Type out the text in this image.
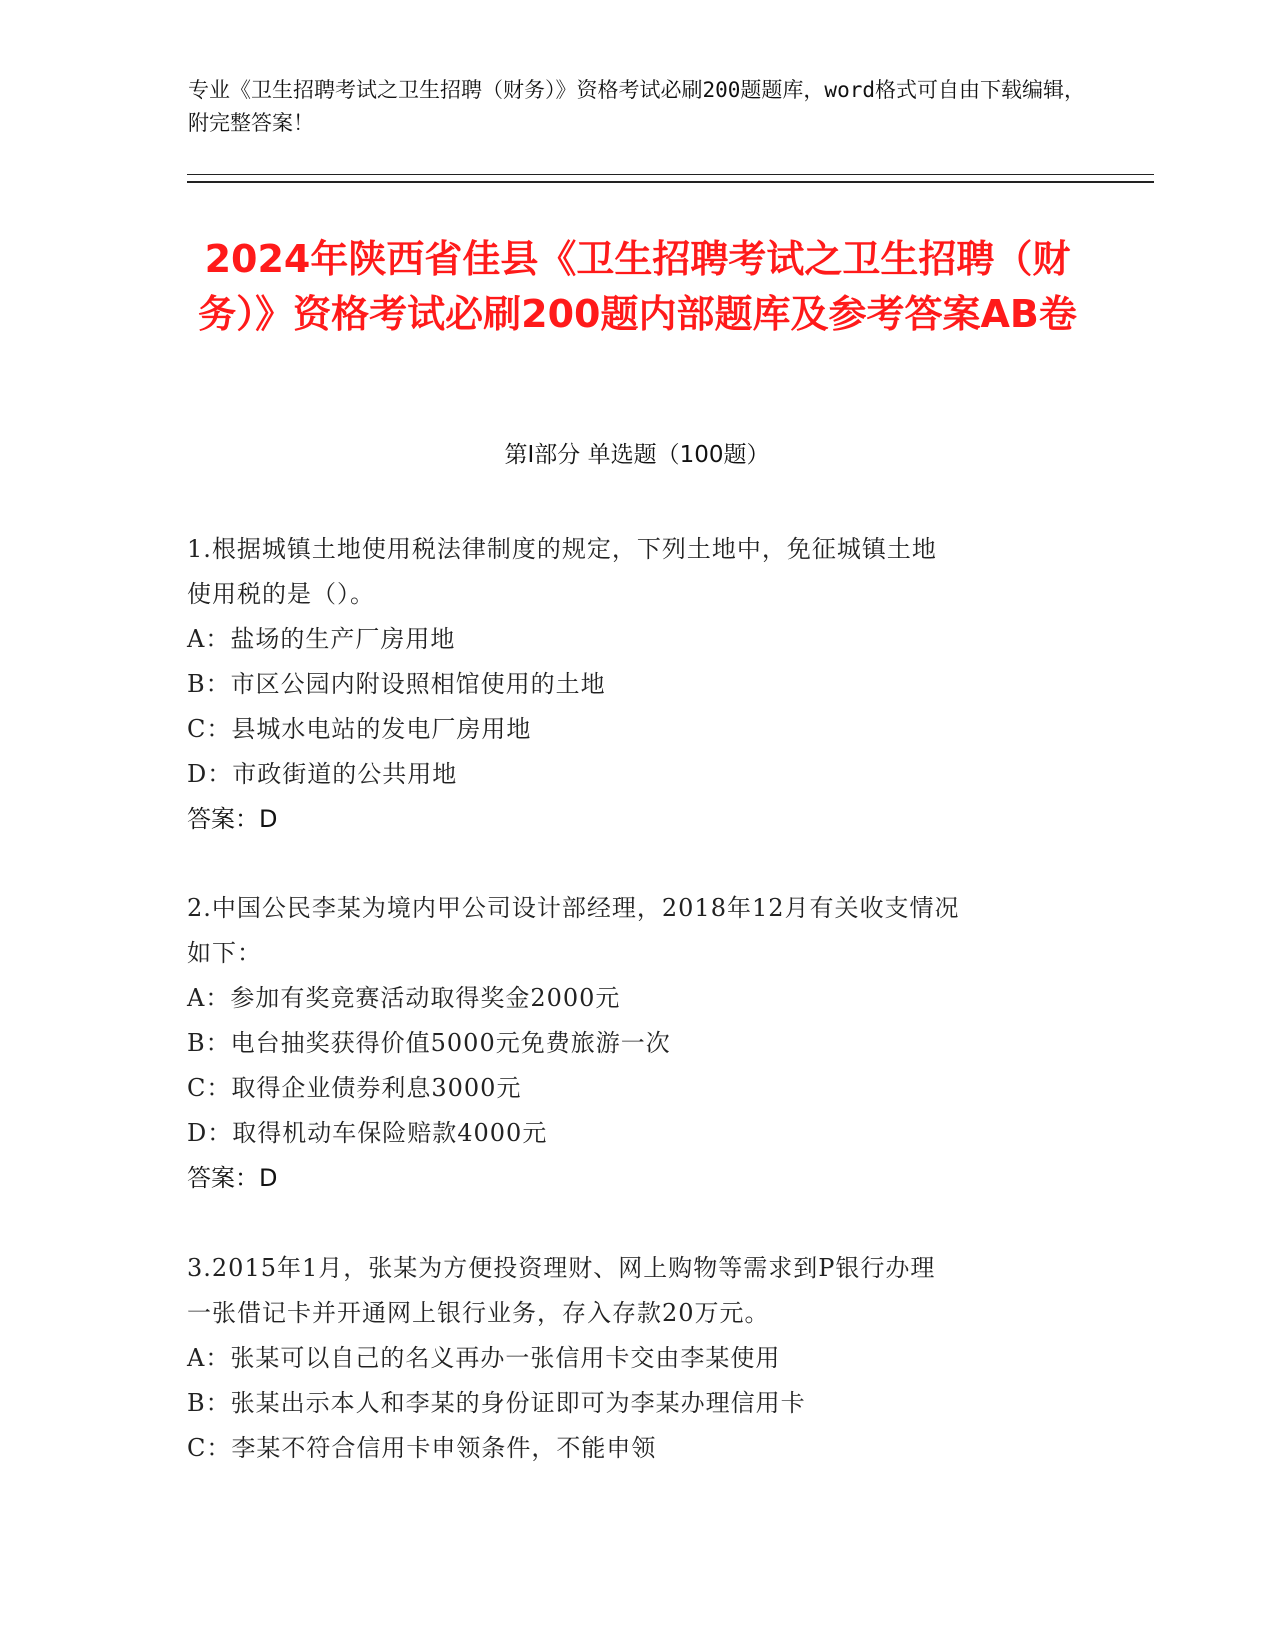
专业《卫生招聘考试之卫生招聘（财务）》资格考试必刷200题题库，word格式可自由下载编辑，附完整答案！
2024年陕西省佳县《卫生招聘考试之卫生招聘（财务）》资格考试必刷200题内部题库及参考答案AB卷
第Ⅰ部分 单选题（100题）
1.根据城镇土地使用税法律制度的规定，下列土地中，免征城镇土地
使用税的是（）。
A：盐场的生产厂房用地
B：市区公园内附设照相馆使用的土地
C：县城水电站的发电厂房用地
D：市政街道的公共用地
答案：D
2.中国公民李某为境内甲公司设计部经理，2018年12月有关收支情况
如下：
A：参加有奖竞赛活动取得奖金2000元
B：电台抽奖获得价值5000元免费旅游一次
C：取得企业债券利息3000元
D：取得机动车保险赔款4000元
答案：D
3.2015年1月，张某为方便投资理财、网上购物等需求到P银行办理
一张借记卡并开通网上银行业务，存入存款20万元。
A：张某可以自己的名义再办一张信用卡交由李某使用
B：张某出示本人和李某的身份证即可为李某办理信用卡
C：李某不符合信用卡申领条件，不能申领
